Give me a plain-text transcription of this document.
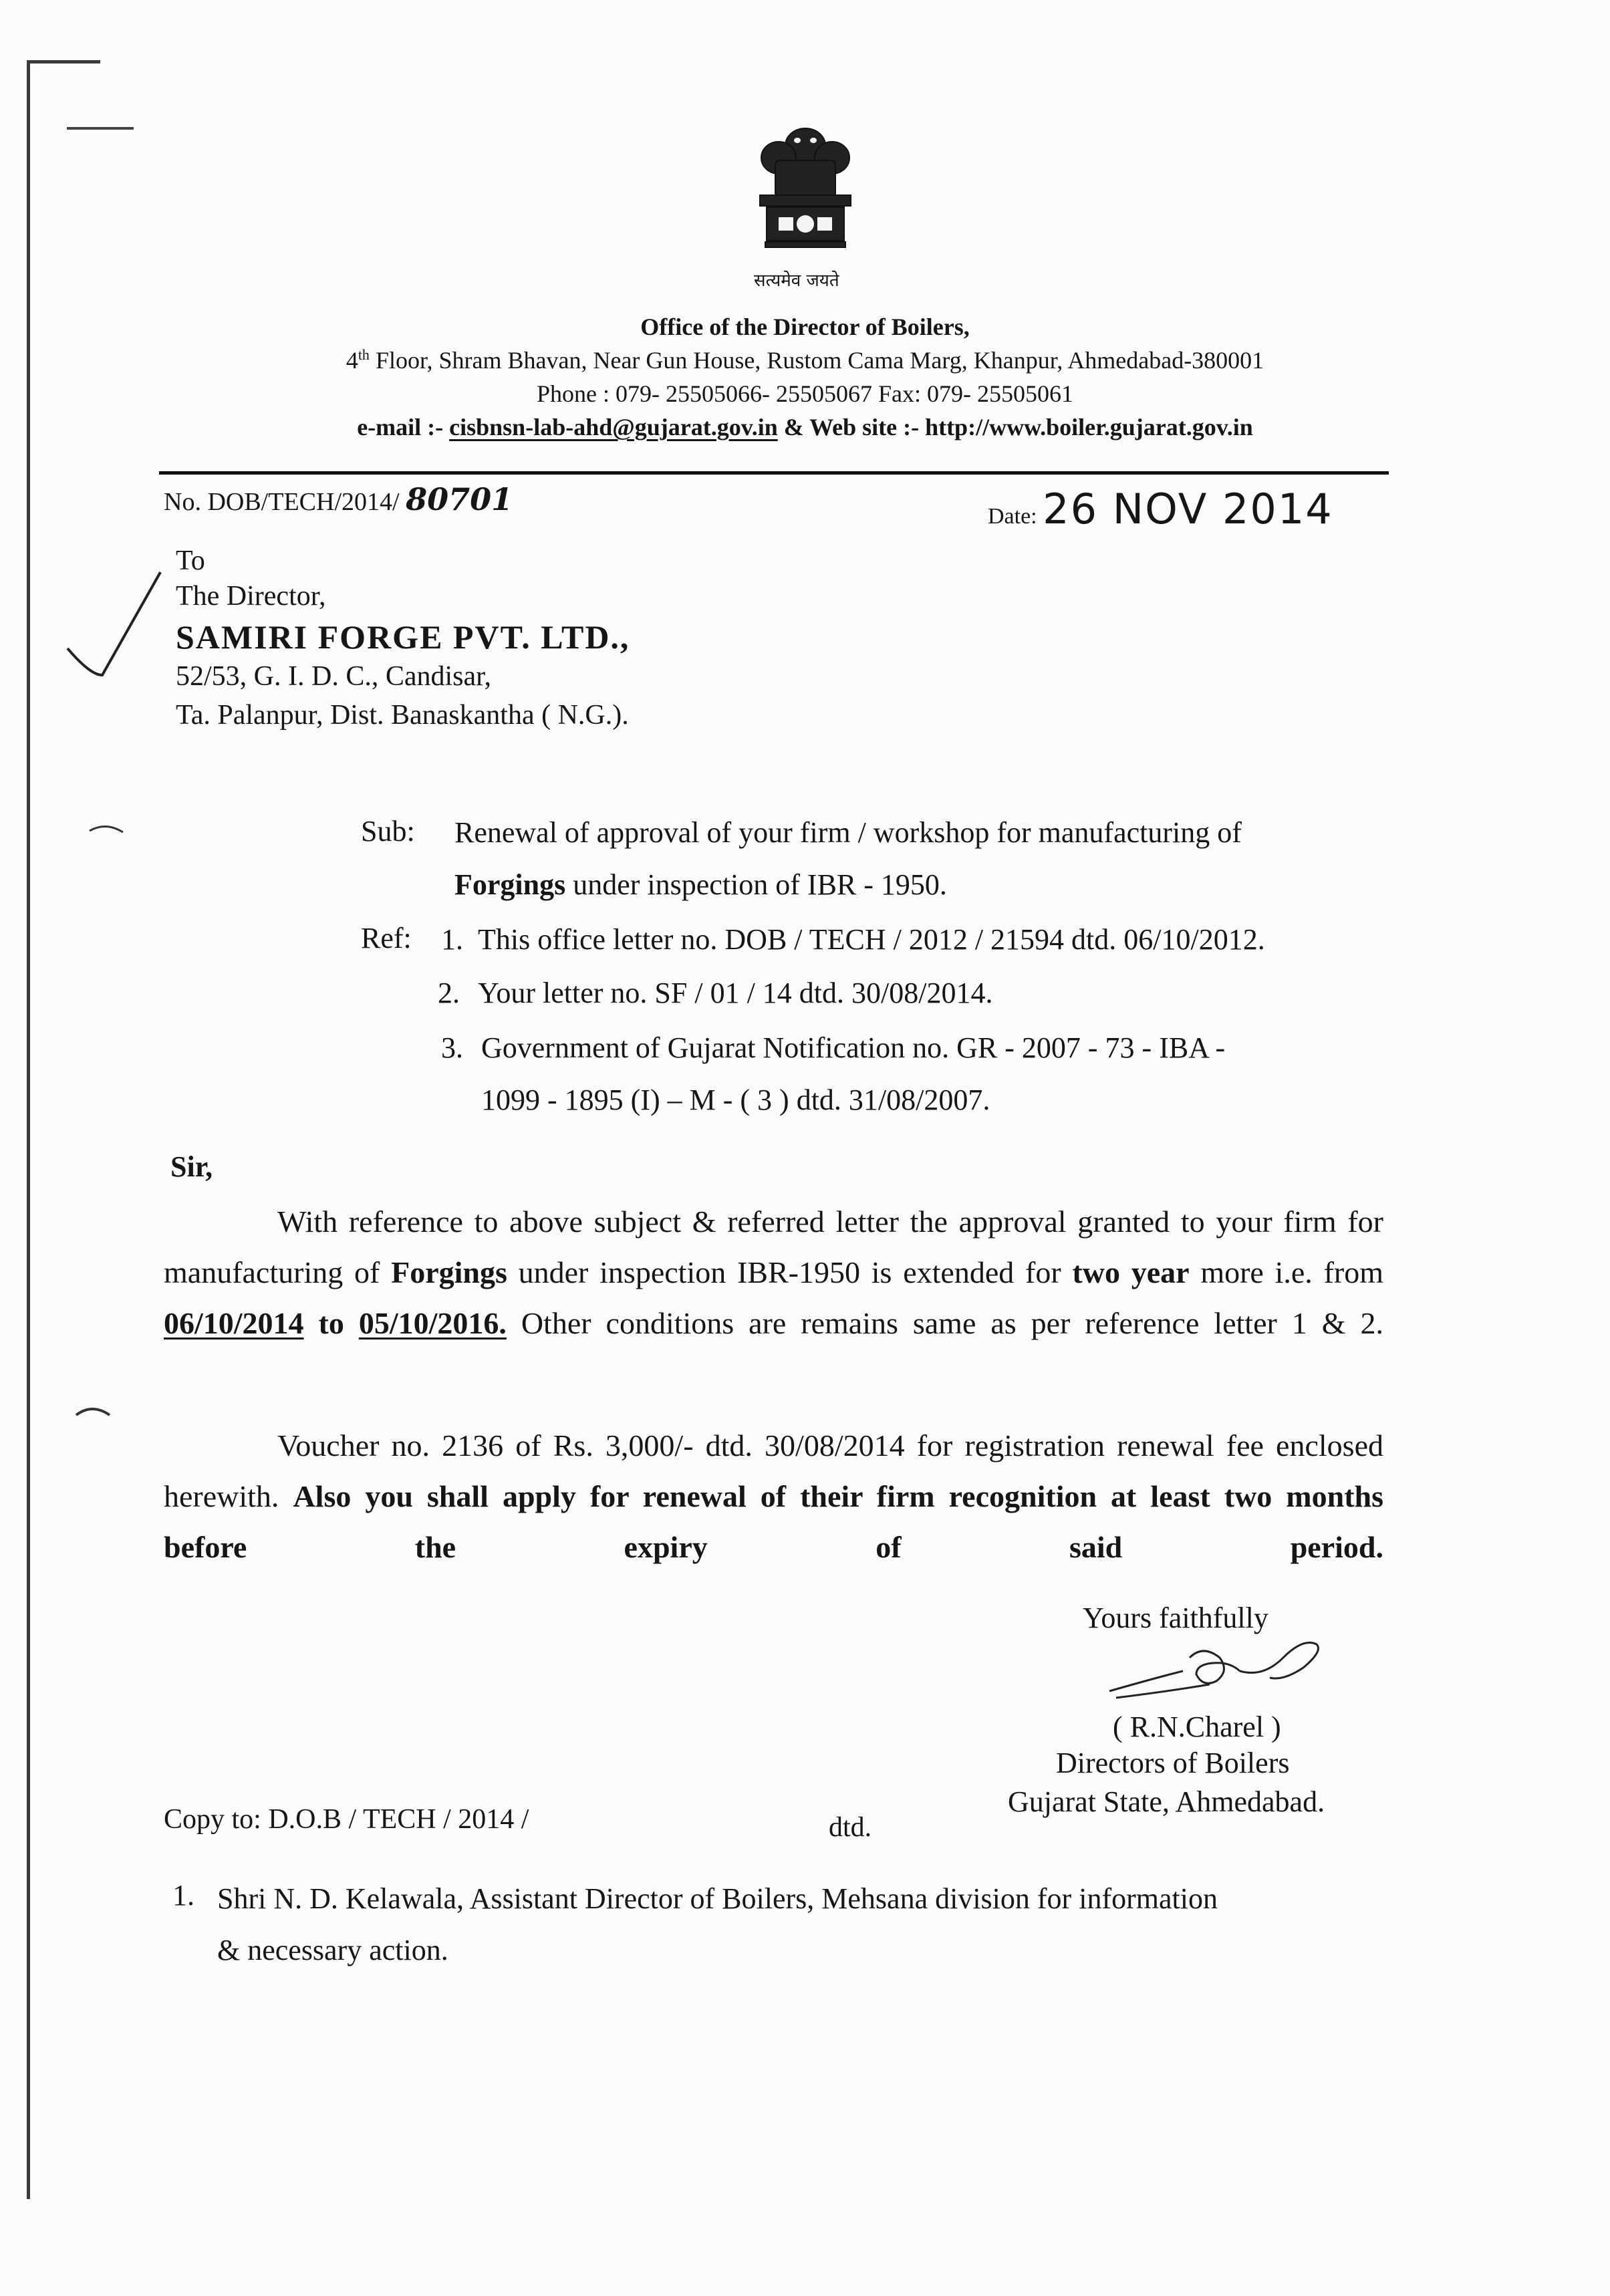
सत्यमेव जयते
Office of the Director of Boilers,
4th Floor, Shram Bhavan, Near Gun House, Rustom Cama Marg, Khanpur, Ahmedabad-380001
Phone : 079- 25505066- 25505067 Fax: 079- 25505061
e-mail :- cisbnsn-lab-ahd@gujarat.gov.in & Web site :- http://www.boiler.gujarat.gov.in
No. DOB/TECH/2014/ 80701	Date: 26 NOV 2014
To
The Director,
SAMIRI FORGE PVT. LTD.,
52/53, G. I. D. C., Candisar,
Ta. Palanpur, Dist. Banaskantha ( N.G.).
Sub: Renewal of approval of your firm / workshop for manufacturing of
Forgings under inspection of IBR - 1950.
Ref: 1. This office letter no. DOB / TECH / 2012 / 21594 dtd. 06/10/2012.
2. Your letter no. SF / 01 / 14 dtd. 30/08/2014.
3. Government of Gujarat Notification no. GR - 2007 - 73 - IBA -
1099 - 1895 (I) – M - ( 3 ) dtd. 31/08/2007.
Sir,

With reference to above subject & referred letter the approval granted to your firm for manufacturing of Forgings under inspection IBR-1950 is extended for two year more i.e. from 06/10/2014 to 05/10/2016. Other conditions are remains same as per reference letter 1 & 2.

Voucher no. 2136 of Rs. 3,000/- dtd. 30/08/2014 for registration renewal fee enclosed herewith. Also you shall apply for renewal of their firm recognition at least two months before the expiry of said period.

Yours faithfully
( R.N.Charel )
Directors of Boilers
Gujarat State, Ahmedabad.
Copy to: D.O.B / TECH / 2014 /	dtd.
1. Shri N. D. Kelawala, Assistant Director of Boilers, Mehsana division for information
& necessary action.
